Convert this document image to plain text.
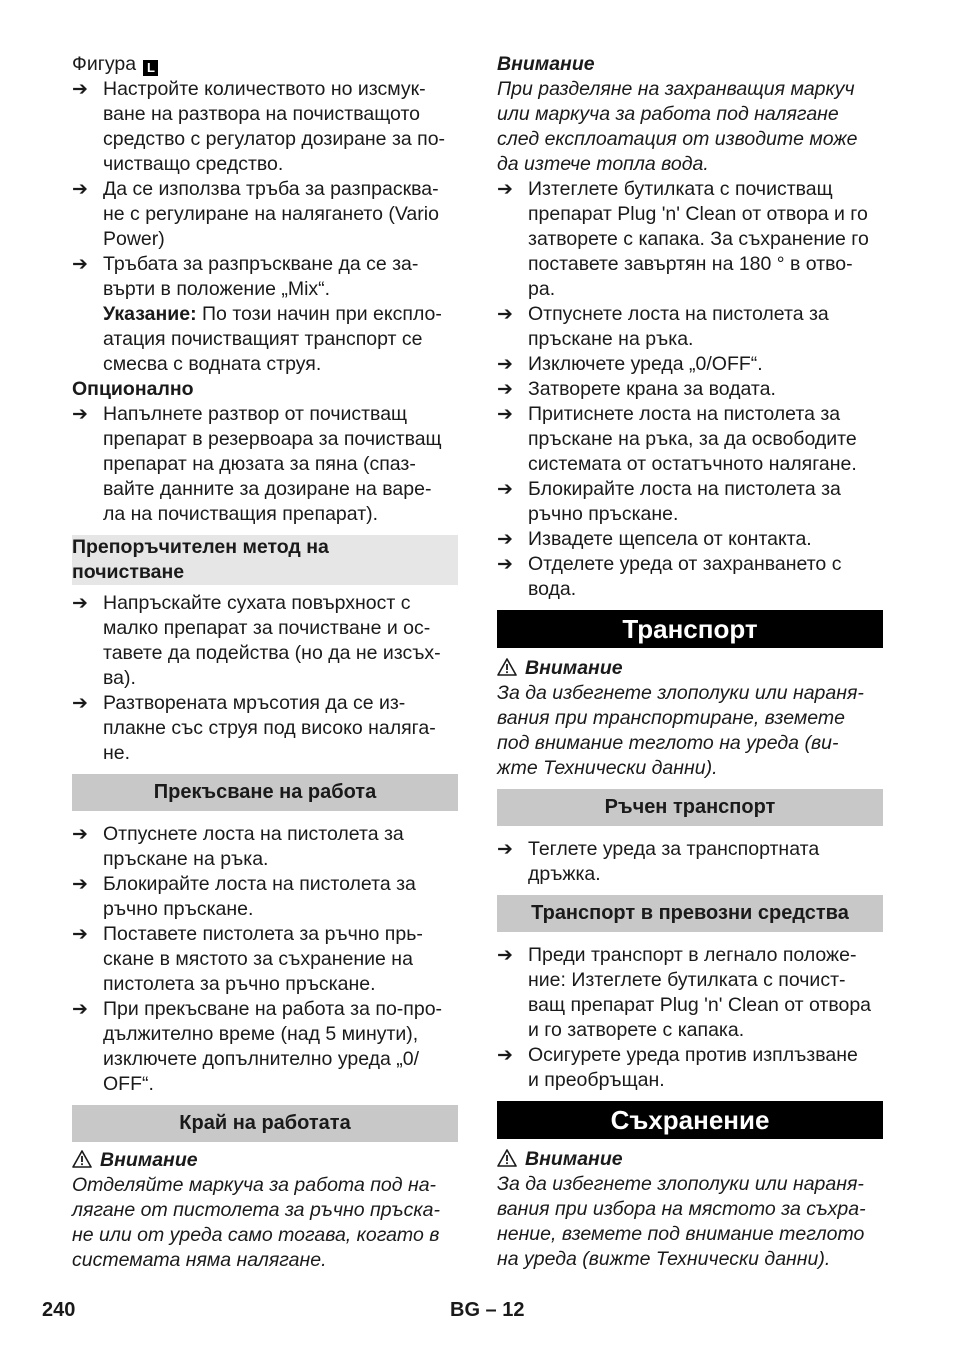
Фигура L
➔ Настройте количеството но изсмук-
ване на разтвора на почистващото
средство с регулатор дозиране за по-
чистващо средство.
➔ Да се използва тръба за разпрасква-
не с регулиране на налягането (Vario
Power)
➔ Тръбата за разпръскване да се за-
върти в положение „Mix“.
Указание: По този начин при експло-
атация почистващият транспорт се
смесва с водната струя.
Опционално
➔ Напълнете разтвор от почистващ
препарат в резервоара за почистващ
препарат на дюзата за пяна (спаз-
вайте данните за дозиране на варе-
ла на почистващия препарат).
Препоръчителен метод на
почистване
➔ Напръскайте сухата повърхност с
малко препарат за почистване и ос-
тавете да подейства (но да не изсъх-
ва).
➔ Разтворената мръсотия да се из-
плакне със струя под високо наляга-
не.
Прекъсване на работа
➔ Отпуснете лоста на пистолета за
пръскане на ръка.
➔ Блокирайте лоста на пистолета за
ръчно пръскане.
➔ Поставете пистолета за ръчно прь-
скане в мястото за съхранение на
пистолета за ръчно пръскане.
➔ При прекъсване на работа за по-про-
дължително време (над 5 минути),
изключете допълнително уреда „0/
OFF“.
Край на работата
Внимание
Отделяйте маркуча за работа под на-
лягане от пистолета за ръчно пръска-
не или от уреда само тогава, когато в
системата няма налягане.
Внимание
При разделяне на захранващия маркуч
или маркуча за работа под налягане
след експлоатация от изводите може
да изтече топла вода.
➔ Изтеглете бутилката с почистващ
препарат Plug 'n' Clean от отвора и го
затворете с капака. За съхранение го
поставете завъртян на 180 ° в отво-
ра.
➔ Отпуснете лоста на пистолета за
пръскане на ръка.
➔ Изключете уреда „0/OFF“.
➔ Затворете крана за водата.
➔ Притиснете лоста на пистолета за
пръскане на ръка, за да освободите
системата от остатъчното налягане.
➔ Блокирайте лоста на пистолета за
ръчно пръскане.
➔ Извадете щепсела от контакта.
➔ Отделете уреда от захранването с
вода.
Транспорт
Внимание
За да избегнете злополуки или нараня-
вания при транспортиране, вземете
под внимание теглото на уреда (ви-
жте Технически данни).
Ръчен транспорт
➔ Теглете уреда за транспортната
дръжка.
Транспорт в превозни средства
➔ Преди транспорт в легнало положе-
ние: Изтеглете бутилката с почист-
ващ препарат Plug 'n' Clean от отвора
и го затворете с капака.
➔ Осигурете уреда против изплъзване
и преобръщан.
Съхранение
Внимание
За да избегнете злополуки или нараня-
вания при избора на мястото за съхра-
нение, вземете под внимание теглото
на уреда (вижте Технически данни).
240	BG – 12
